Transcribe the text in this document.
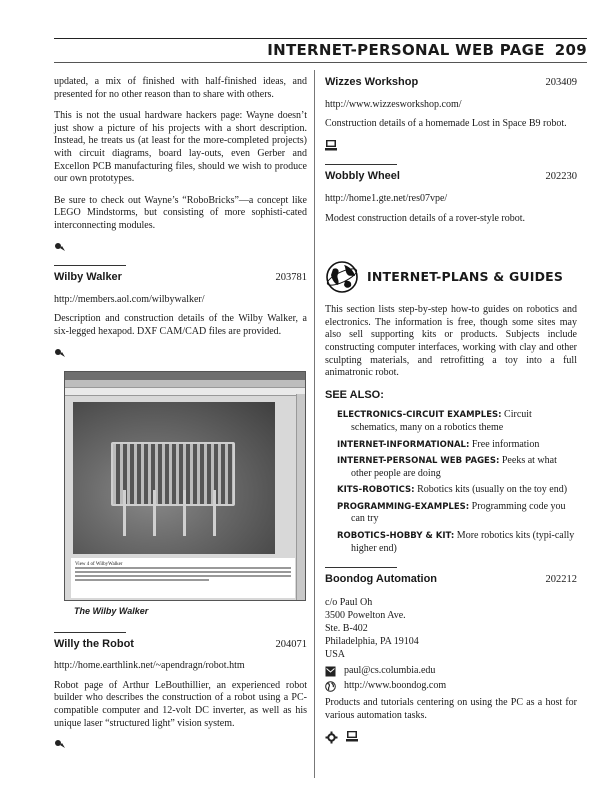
INTERNET-PERSONAL WEB PAGE 209

updated, a mix of finished with half-finished ideas, and presented for no other reason than to share with others.

This is not the usual hardware hackers page: Wayne doesn’t just show a picture of his projects with a short description. Instead, he treats us (at least for the more-completed projects) with circuit diagrams, board lay-outs, even Gerber and Excellon PCB manufacturing files, should we wish to produce our own prototypes.

Be sure to check out Wayne’s “RoboBricks”—a concept like LEGO Mindstorms, but consisting of more sophisti-cated interconnecting modules.

Wilby Walker	203781
http://members.aol.com/wilbywalker/

Description and construction details of the Wilby Walker, a six-legged hexapod. DXF CAM/CAD files are provided.

View 4 of WilbyWalker
The Wilby Walker
Willy the Robot	204071
http://home.earthlink.net/~apendragn/robot.htm

Robot page of Arthur LeBouthillier, an experienced robot builder who describes the construction of a robot using a PC-compatible computer and 12-volt DC inverter, as well as his unique laser “structured light” vision system.

Wizzes Workshop	203409
http://www.wizzesworkshop.com/

Construction details of a homemade Lost in Space B9 robot.

Wobbly Wheel	202230
http://home1.gte.net/res07vpe/

Modest construction details of a rover-style robot.

INTERNET-PLANS & GUIDES

This section lists step-by-step how-to guides on robotics and electronics. The information is free, though some sites may also sell supporting kits or products. Subjects include constructing computer interfaces, working with clay and other sculpting materials, and retrofitting a toy into a full animatronic robot.

SEE ALSO:
ELECTRONICS-CIRCUIT EXAMPLES: Circuit schematics, many on a robotics theme
INTERNET-INFORMATIONAL: Free information
INTERNET-PERSONAL WEB PAGES: Peeks at what other people are doing
KITS-ROBOTICS: Robotics kits (usually on the toy end)
PROGRAMMING-EXAMPLES: Programming code you can try
ROBOTICS-HOBBY & KIT: More robotics kits (typi-cally higher end)
Boondog Automation	202212
c/o Paul Oh
3500 Powelton Ave.
Ste. B-402
Philadelphia, PA 19104
USA
paul@cs.columbia.edu
http://www.boondog.com

Products and tutorials centering on using the PC as a host for various automation tasks.
